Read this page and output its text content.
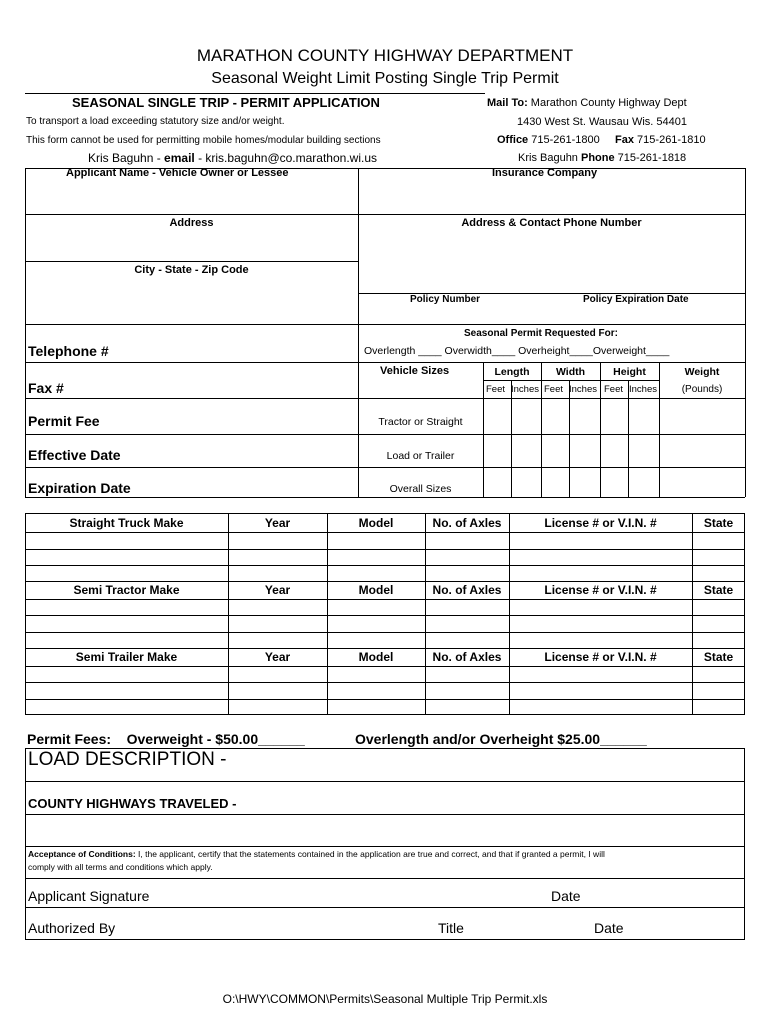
MARATHON COUNTY HIGHWAY DEPARTMENT
Seasonal Weight Limit Posting Single Trip Permit
SEASONAL SINGLE TRIP - PERMIT APPLICATION
To transport a load exceeding statutory size and/or weight.
This form cannot be used for permitting mobile homes/modular building sections
Kris Baguhn - email - kris.baguhn@co.marathon.wi.us
Mail To: Marathon County Highway Dept
1430 West St. Wausau Wis. 54401
Office 715-261-1800 Fax 715-261-1810
Kris Baguhn Phone 715-261-1818
Applicant Name - Vehicle Owner or Lessee	Insurance Company
Address	Address & Contact Phone Number
City - State - Zip Code
Policy Number	Policy Expiration Date
Seasonal Permit Requested For:
Telephone #	Overlength ____ Overwidth____ Overheight____Overweight____
Vehicle Sizes	Length	Width	Height	Weight
Fax #	Feet Inches Feet Inches Feet Inches	(Pounds)
Permit Fee	Tractor or Straight
Effective Date	Load or Trailer
Expiration Date	Overall Sizes
Straight Truck Make	Year	Model	No. of Axles	License # or V.I.N. #	State
Semi Tractor Make	Year	Model	No. of Axles	License # or V.I.N. #	State
Semi Trailer Make	Year	Model	No. of Axles	License # or V.I.N. #	State
Permit Fees: Overweight - $50.00______	Overlength and/or Overheight $25.00______
LOAD DESCRIPTION -
COUNTY HIGHWAYS TRAVELED -
Acceptance of Conditions: I, the applicant, certify that the statements contained in the application are true and correct, and that if granted a permit, I will
comply with all terms and conditions which apply.
Applicant Signature	Date
Authorized By	Title	Date
O:\HWY\COMMON\Permits\Seasonal Multiple Trip Permit.xls
